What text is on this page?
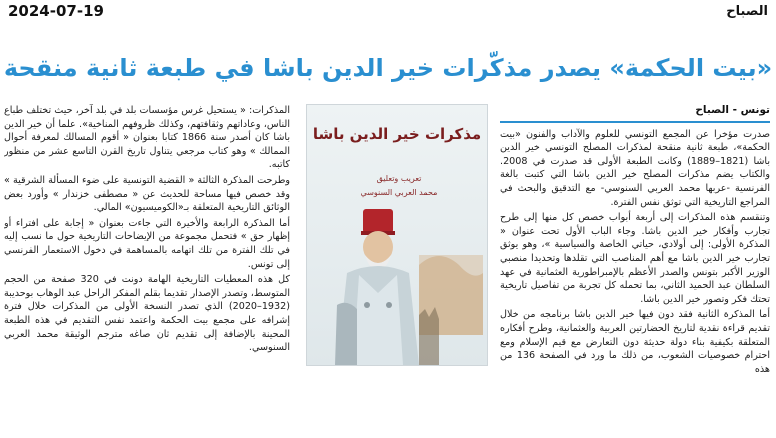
2024-07-19	الصباح
«بيت الحكمة» يصدر مذكّرات خير الدين باشا في طبعة ثانية منقحة
تونس - الصباح

صدرت مؤخرا عن المجمع التونسي للعلوم والآداب والفنون «بيت الحكمة»، طبعة ثانية منقحة لمذكرات المصلح التونسي خير الدين باشا (1821–1889) وكانت الطبعة الأولى قد صدرت في 2008. والكتاب يضم مذكرات المصلح خير الدين باشا التي كتبت بالغة الفرنسية -عربها محمد العربي السنوسي- مع التدقيق والبحث في المراجع التاريخية التي توثق نفس الفترة.

وتنقسم هذه المذكرات إلى أربعة أبواب خصص كل منها إلى طرح تجارب وأفكار خير الدين باشا. وجاء الباب الأول تحت عنوان « المذكرة الأولى: إلى أولادي، حياتي الخاصة والسياسية »، وهو يوثق تجارب خير الدين باشا مع أهم المناصب التي تقلدها وتحديدا منصبي الوزير الأكبر بتونس والصدر الأعظم بالإمبراطورية العثمانية في عهد السلطان عبد الحميد الثاني، بما تحمله كل تجربة من تفاصيل تاريخية تحتك فكر وتصور خير الدين باشا.

أما المذكرة الثانية فقد دون فيها خير الدين باشا برنامجه من خلال تقديم قراءة نقدية لتاريخ الحضارتين العربية والعثمانية، وطرح أفكاره المتعلقة بكيفية بناء دولة حديثة دون التعارض مع قيم الإسلام ومع احترام خصوصيات الشعوب، من ذلك ما ورد في الصفحة 136 من هذه

مذكرات خير الدين باشا
تعريب وتعليق
محمد العربي السنوسي

المذكرات: « يستحيل غرس مؤسسات بلد في بلد آخر، حيث تختلف طباع الناس، وعاداتهم وثقافتهم، وكذلك ظروفهم المناخية». علما أن خير الدين باشا كان أصدر سنة 1866 كتابا بعنوان « أقوم المسالك لمعرفة أحوال الممالك » وهو كتاب مرجعي يتناول تاريخ القرن التاسع عشر من منظور كاتبه.

وطرحت المذكرة الثالثة « القضية التونسية على ضوء المسألة الشرقية » وقد خصص فيها مساحة للحديث عن « مصطفى خزندار » وأورد بعض الوثائق التاريخية المتعلقة بـ«الكوميسيون» المالي.

أما المذكرة الرابعة والأخيرة التي جاءت بعنوان « إجابة على افتراء أو إظهار حق » فتحمل مجموعة من الإيضاحات التاريخية حول ما نسب إليه في تلك الفترة من تلك اتهامه بالمساهمة في دخول الاستعمار الفرنسي إلى تونس.

كل هذه المعطيات التاريخية الهامة دونت في 320 صفحة من الحجم المتوسط، وتصدر الإصدار تقديما بقلم المفكر الراحل عبد الوهاب بوحديبة (1932–2020) الذي تصدر النسخة الأولى من المذكرات خلال فترة إشرافه على مجمع بيت الحكمة واعتمد نفس التقديم في هذه الطبعة المحينة بالإضافة إلى تقديم ثان صاغه مترجم الوثيقة محمد العربي السنوسي.
